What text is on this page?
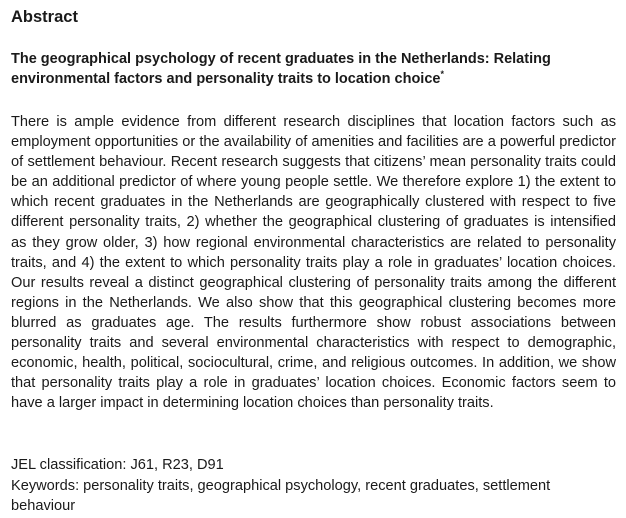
Abstract
The geographical psychology of recent graduates in the Netherlands: Relating environmental factors and personality traits to location choice*

There is ample evidence from different research disciplines that location factors such as employment opportunities or the availability of amenities and facilities are a powerful predictor of settlement behaviour. Recent research suggests that citizens’ mean personality traits could be an additional predictor of where young people settle. We therefore explore 1) the extent to which recent graduates in the Netherlands are geographically clustered with respect to five different personality traits, 2) whether the geographical clustering of graduates is intensified as they grow older, 3) how regional environmental characteristics are related to personality traits, and 4) the extent to which personality traits play a role in graduates’ location choices. Our results reveal a distinct geographical clustering of personality traits among the different regions in the Netherlands. We also show that this geographical clustering becomes more blurred as graduates age. The results furthermore show robust associations between personality traits and several environmental characteristics with respect to demographic, economic, health, political, sociocultural, crime, and religious outcomes. In addition, we show that personality traits play a role in graduates’ location choices. Economic factors seem to have a larger impact in determining location choices than personality traits.

JEL classification: J61, R23, D91

Keywords: personality traits, geographical psychology, recent graduates, settlement behaviour
